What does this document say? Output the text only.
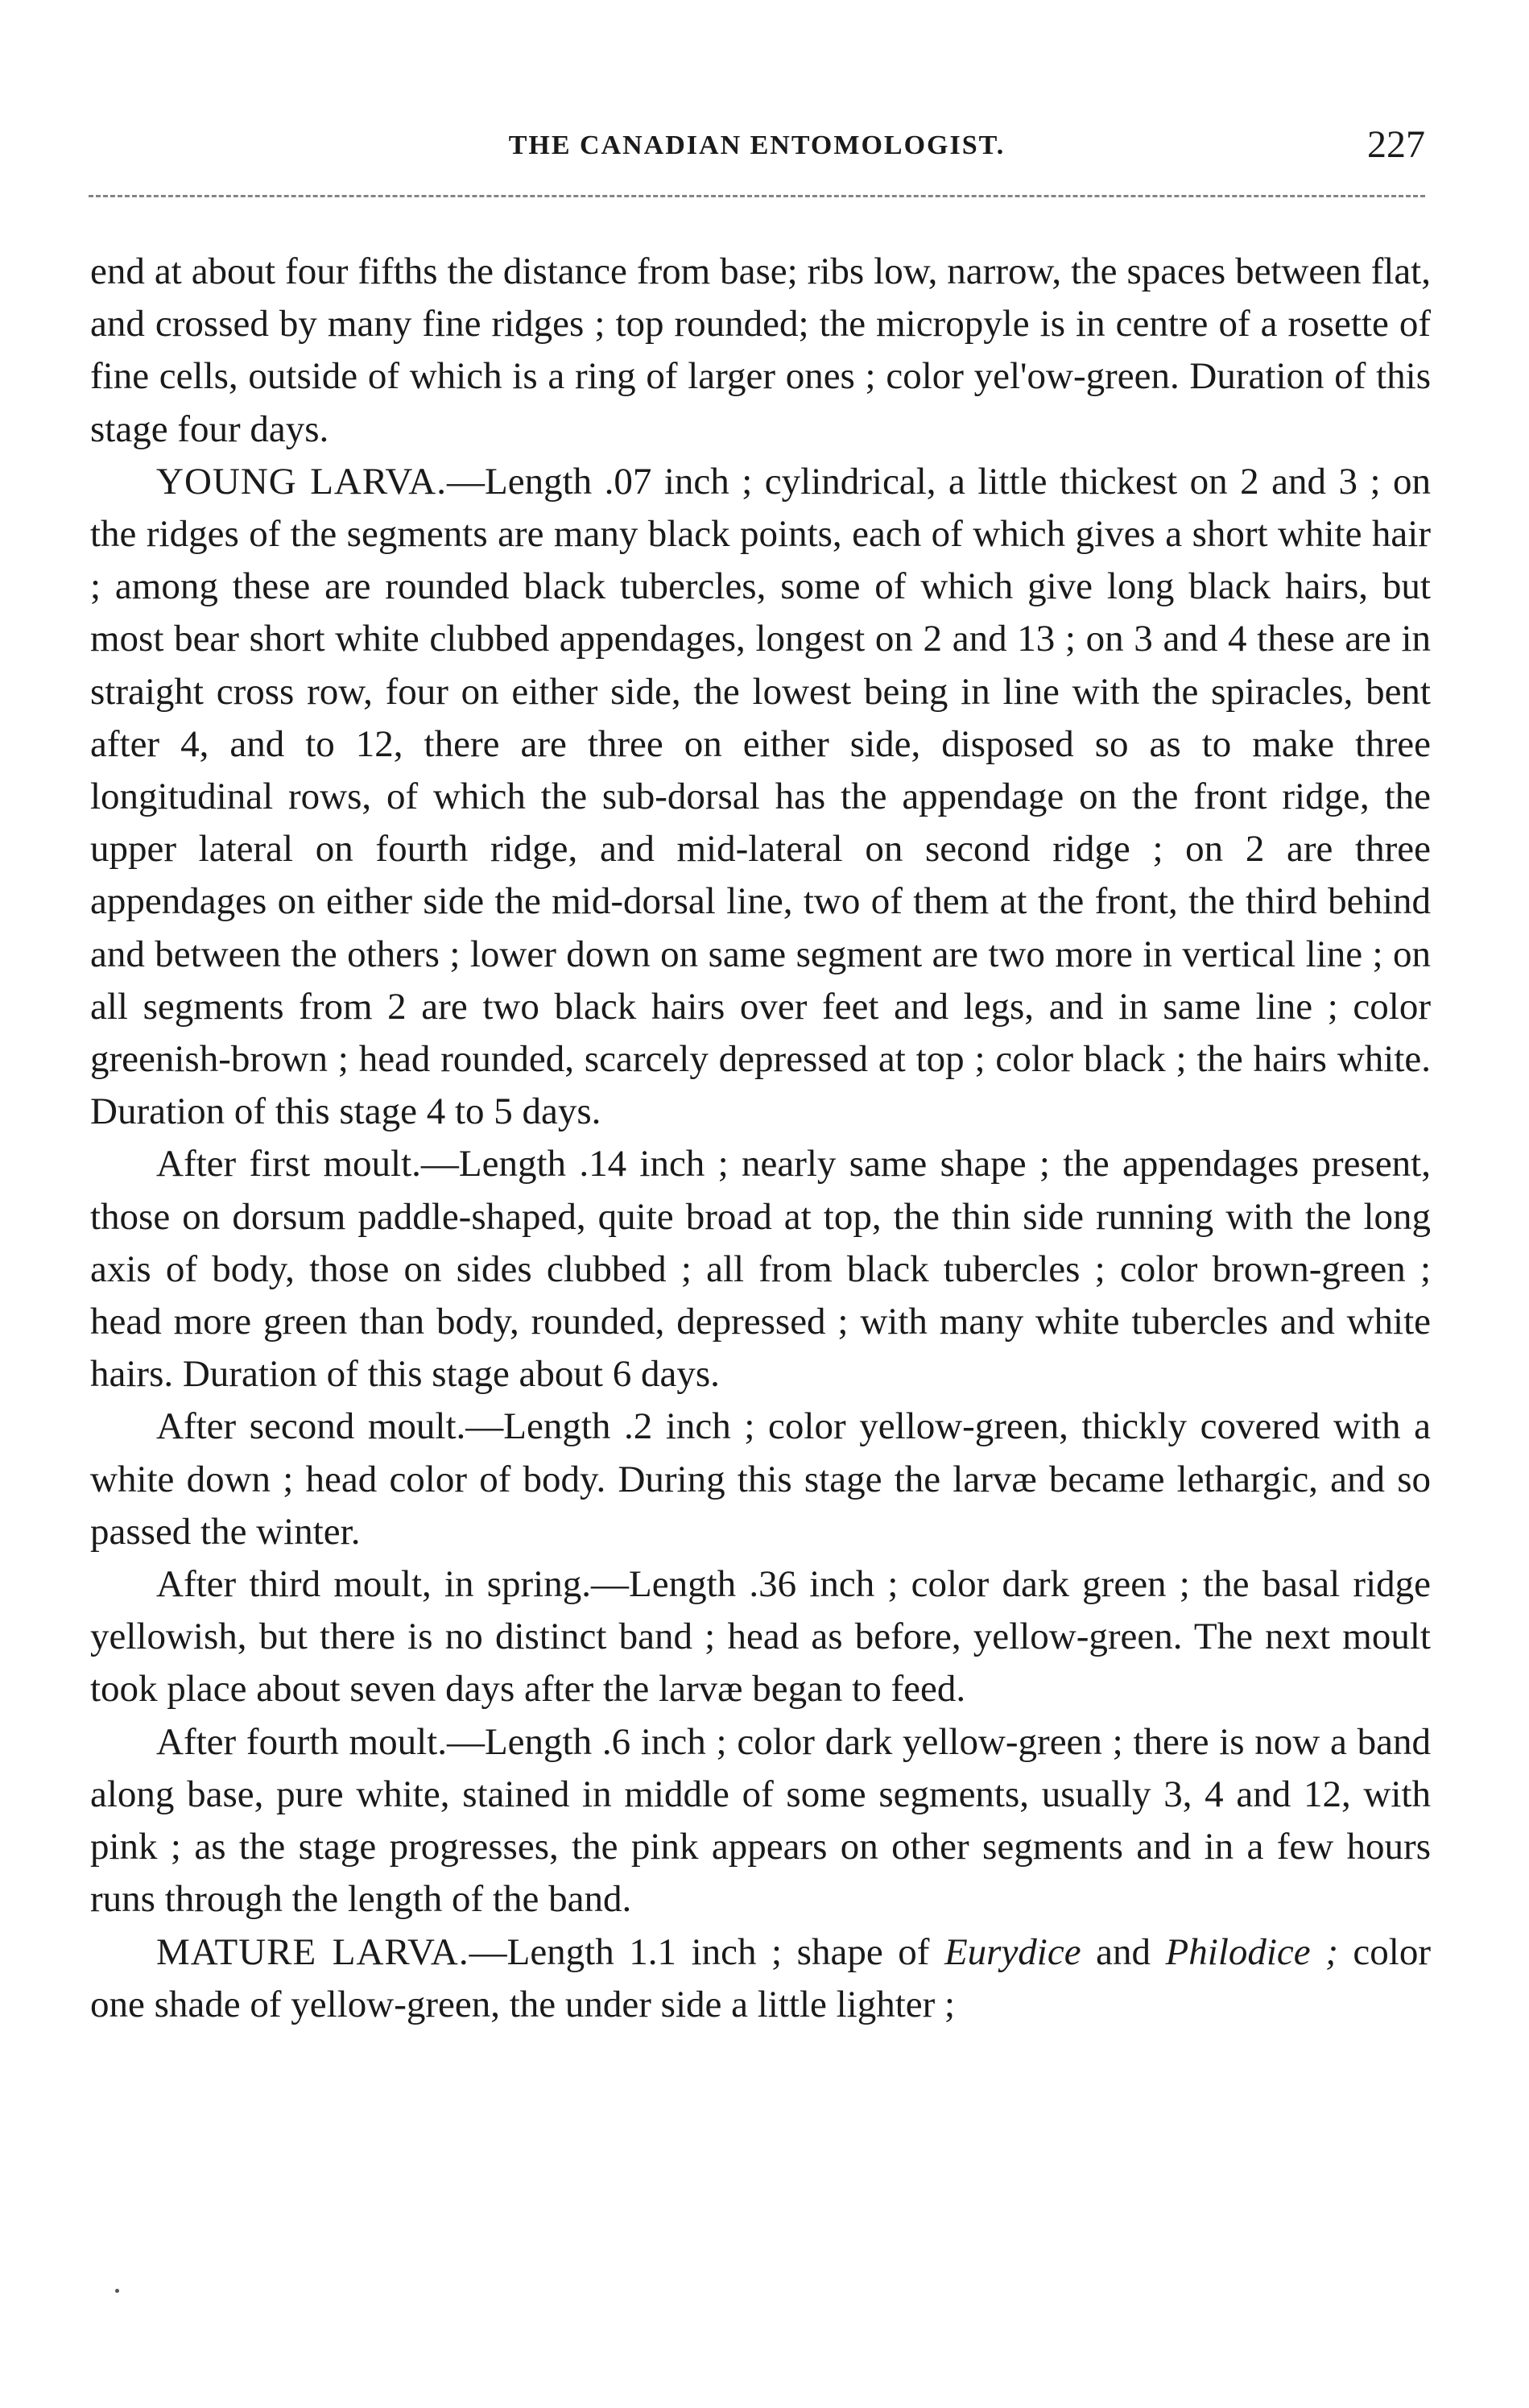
THE CANADIAN ENTOMOLOGIST.	227

end at about four fifths the distance from base; ribs low, narrow, the spaces between flat, and crossed by many fine ridges ; top rounded; the micropyle is in centre of a rosette of fine cells, outside of which is a ring of larger ones ; color yel'ow-green. Duration of this stage four days.

YOUNG LARVA.—Length .07 inch ; cylindrical, a little thickest on 2 and 3 ; on the ridges of the segments are many black points, each of which gives a short white hair ; among these are rounded black tubercles, some of which give long black hairs, but most bear short white clubbed appendages, longest on 2 and 13 ; on 3 and 4 these are in straight cross row, four on either side, the lowest being in line with the spiracles, bent after 4, and to 12, there are three on either side, disposed so as to make three longitudinal rows, of which the sub-dorsal has the appendage on the front ridge, the upper lateral on fourth ridge, and mid-lateral on second ridge ; on 2 are three appendages on either side the mid-dorsal line, two of them at the front, the third behind and between the others ; lower down on same segment are two more in vertical line ; on all segments from 2 are two black hairs over feet and legs, and in same line ; color greenish-brown ; head rounded, scarcely depressed at top ; color black ; the hairs white. Duration of this stage 4 to 5 days.

After first moult.—Length .14 inch ; nearly same shape ; the appendages present, those on dorsum paddle-shaped, quite broad at top, the thin side running with the long axis of body, those on sides clubbed ; all from black tubercles ; color brown-green ; head more green than body, rounded, depressed ; with many white tubercles and white hairs. Duration of this stage about 6 days.

After second moult.—Length .2 inch ; color yellow-green, thickly covered with a white down ; head color of body. During this stage the larvæ became lethargic, and so passed the winter.

After third moult, in spring.—Length .36 inch ; color dark green ; the basal ridge yellowish, but there is no distinct band ; head as before, yellow-green. The next moult took place about seven days after the larvæ began to feed.

After fourth moult.—Length .6 inch ; color dark yellow-green ; there is now a band along base, pure white, stained in middle of some segments, usually 3, 4 and 12, with pink ; as the stage progresses, the pink appears on other segments and in a few hours runs through the length of the band.

MATURE LARVA.—Length 1.1 inch ; shape of Eurydice and Philodice ; color one shade of yellow-green, the under side a little lighter ;
